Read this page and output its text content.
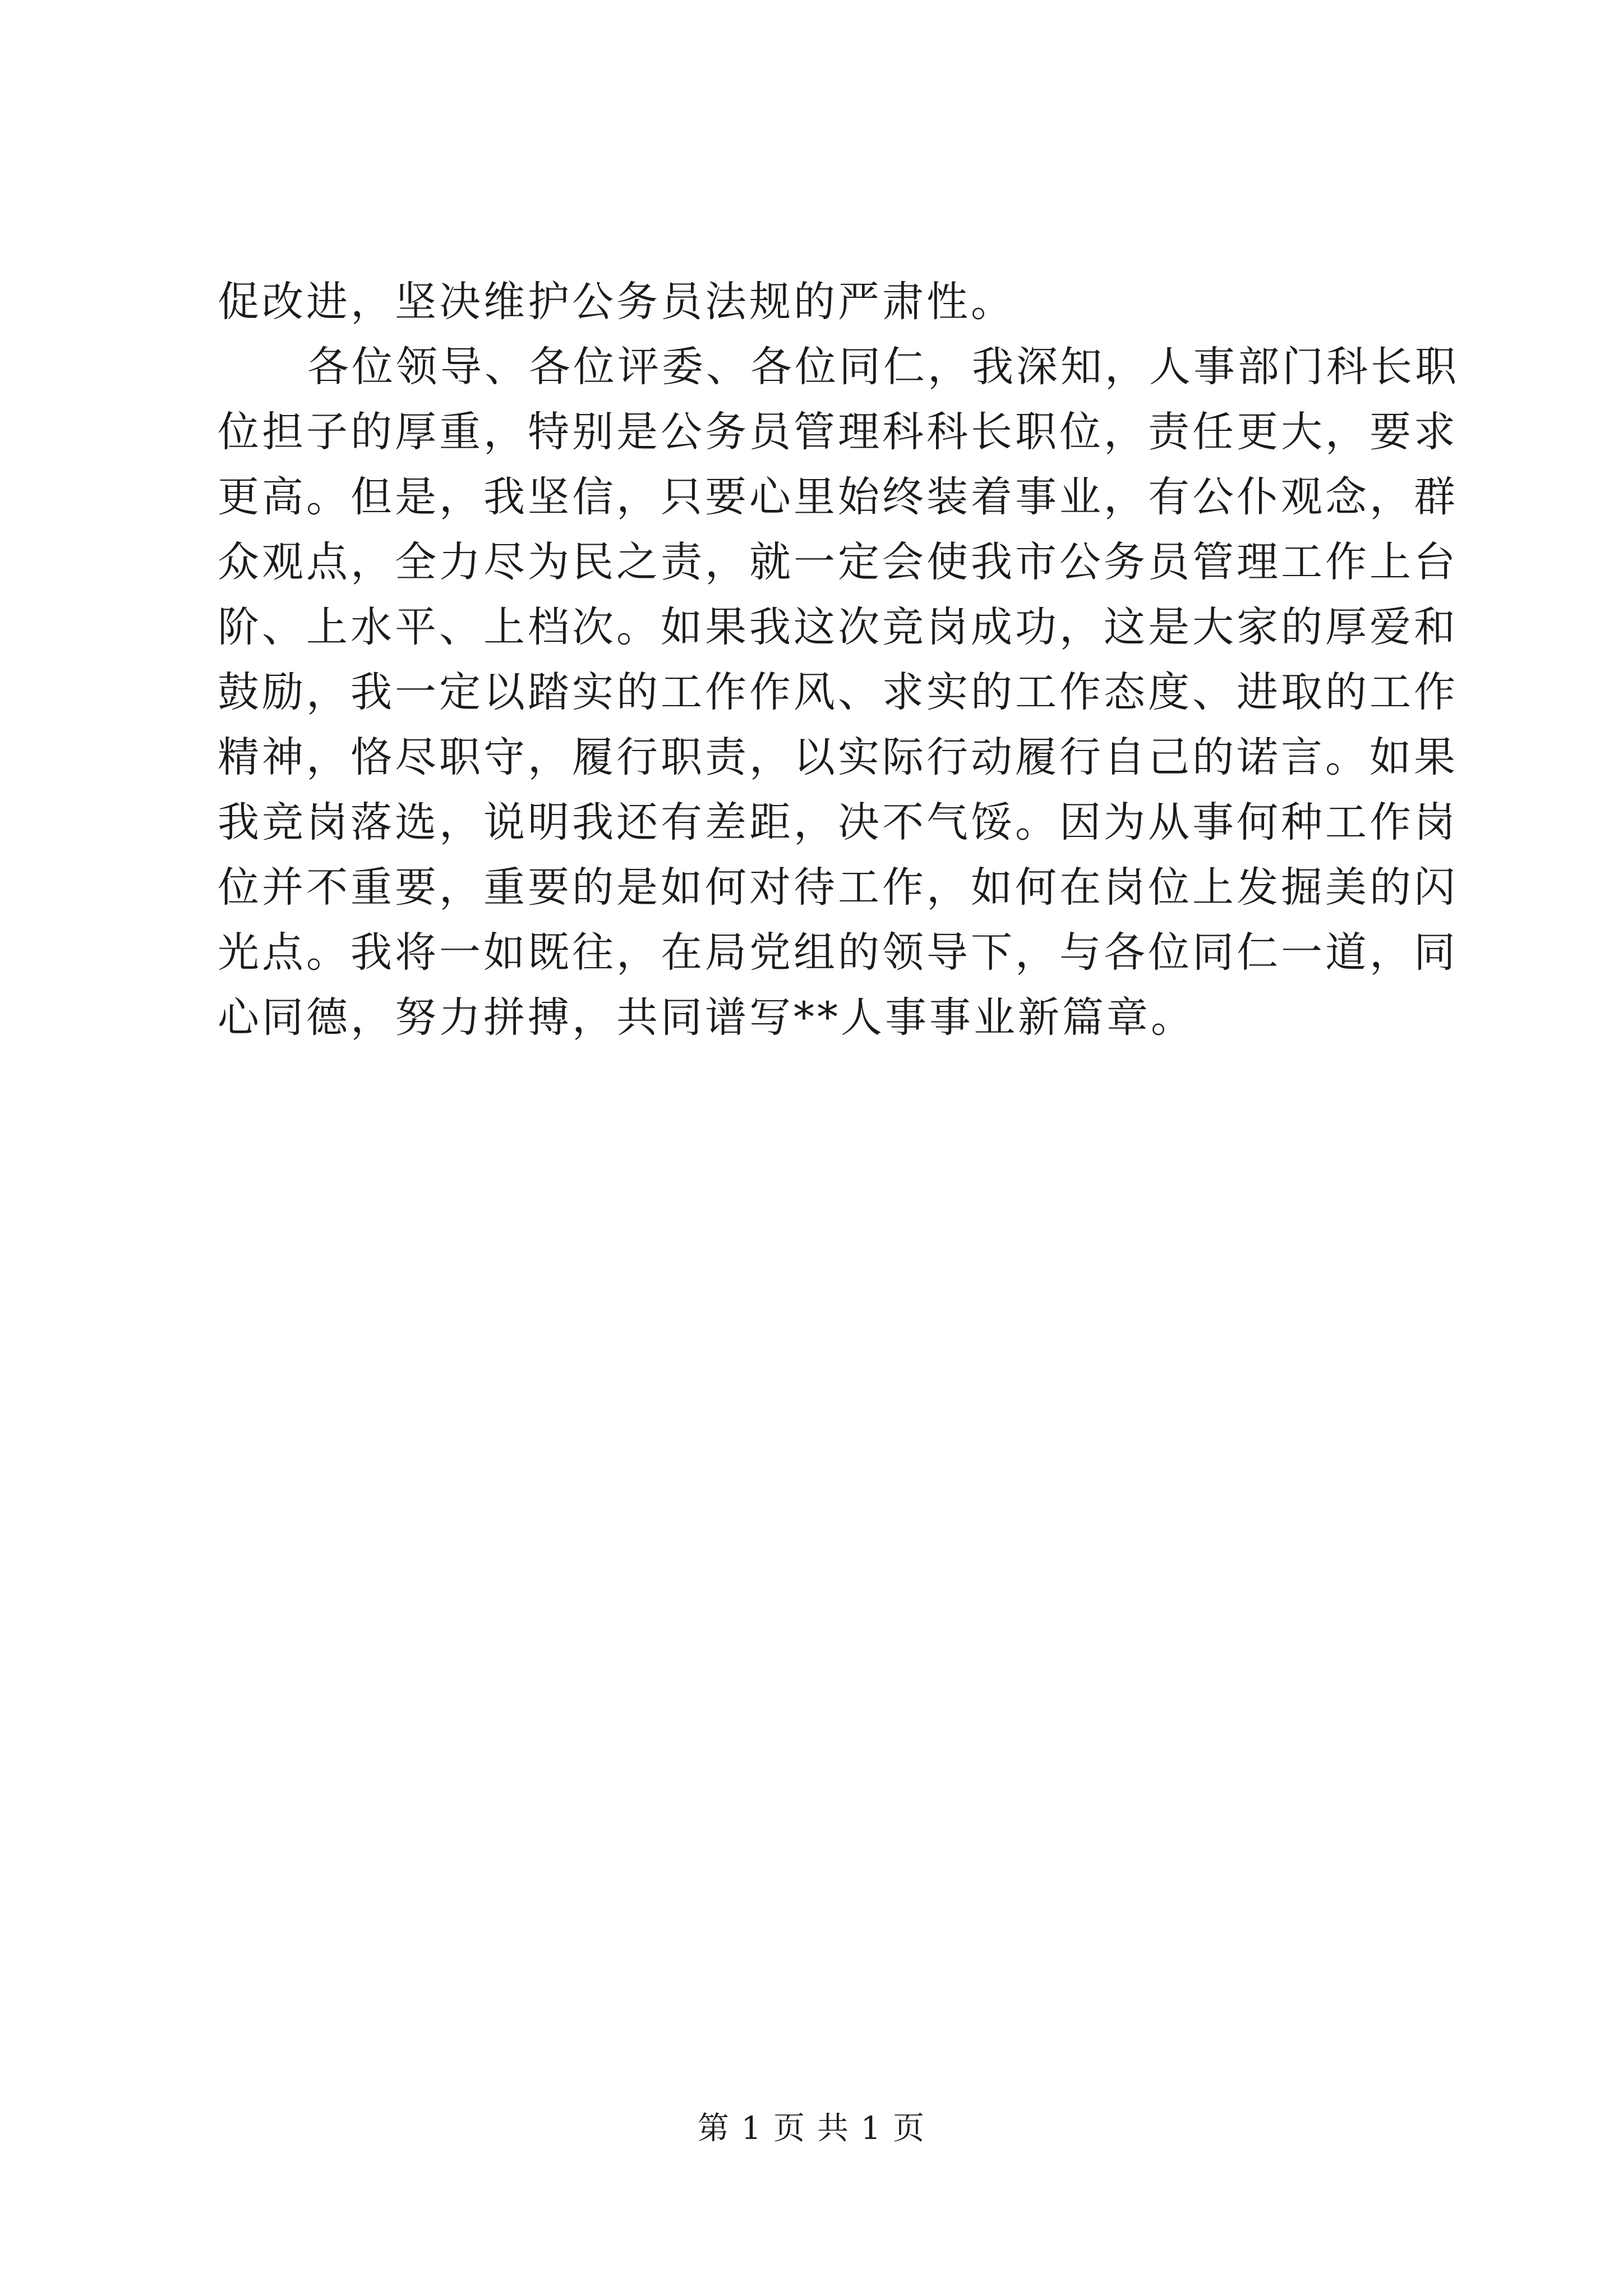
促改进，坚决维护公务员法规的严肃性。
各位领导、各位评委、各位同仁，我深知，人事部门科长职
位担子的厚重，特别是公务员管理科科长职位，责任更大，要求
更高。但是，我坚信，只要心里始终装着事业，有公仆观念，群
众观点，全力尽为民之责，就一定会使我市公务员管理工作上台
阶、上水平、上档次。如果我这次竞岗成功，这是大家的厚爱和
鼓励，我一定以踏实的工作作风、求实的工作态度、进取的工作
精神，恪尽职守，履行职责，以实际行动履行自己的诺言。如果
我竞岗落选，说明我还有差距，决不气馁。因为从事何种工作岗
位并不重要，重要的是如何对待工作，如何在岗位上发掘美的闪
光点。我将一如既往，在局党组的领导下，与各位同仁一道，同
心同德，努力拼搏，共同谱写**人事事业新篇章。
第 1 页 共 1 页
